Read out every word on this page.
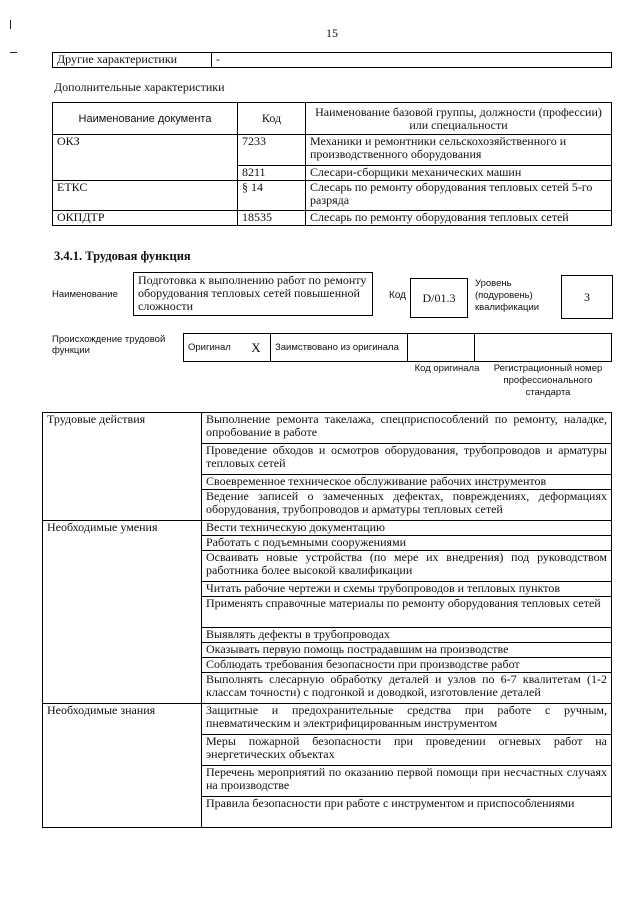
15
Другие характеристики	-
Дополнительные характеристики
Наименование документа	Код	Наименование базовой группы, должности (профессии) или специальности
ОКЗ	7233	Механики и ремонтники сельскохозяйственного и производственного оборудования
	8211	Слесари-сборщики механических машин
ЕТКС	§ 14	Слесарь по ремонту оборудования тепловых сетей 5-го разряда
ОКПДТР	18535	Слесарь по ремонту оборудования тепловых сетей
3.4.1. Трудовая функция
Наименование
Подготовка к выполнению работ по ремонту оборудования тепловых сетей повышенной сложности
Код	D/01.3
Уровень (подуровень) квалификации
3
Происхождение трудовой функции	Оригинал	X	Заимствовано из оригинала		
Код оригинала	Регистрационный номер профессионального стандарта
Трудовые действия	Выполнение ремонта такелажа, спецприспособлений по ремонту, наладке, опробование в работе
	Проведение обходов и осмотров оборудования, трубопроводов и арматуры тепловых сетей
	Своевременное техническое обслуживание рабочих инструментов
	Ведение записей о замеченных дефектах, повреждениях, деформациях оборудования, трубопроводов и арматуры тепловых сетей
Необходимые умения	Вести техническую документацию
	Работать с подъемными сооружениями
	Осваивать новые устройства (по мере их внедрения) под руководством работника более высокой квалификации
	Читать рабочие чертежи и схемы трубопроводов и тепловых пунктов
	Применять справочные материалы по ремонту оборудования тепловых сетей
	Выявлять дефекты в трубопроводах
	Оказывать первую помощь пострадавшим на производстве
	Соблюдать требования безопасности при производстве работ
	Выполнять слесарную обработку деталей и узлов по 6-7 квалитетам (1-2 классам точности) с подгонкой и доводкой, изготовление деталей
Необходимые знания	Защитные и предохранительные средства при работе с ручным, пневматическим и электрифицированным инструментом
	Меры пожарной безопасности при проведении огневых работ на энергетических объектах
	Перечень мероприятий по оказанию первой помощи при несчастных случаях на производстве
	Правила безопасности при работе с инструментом и приспособлениями
